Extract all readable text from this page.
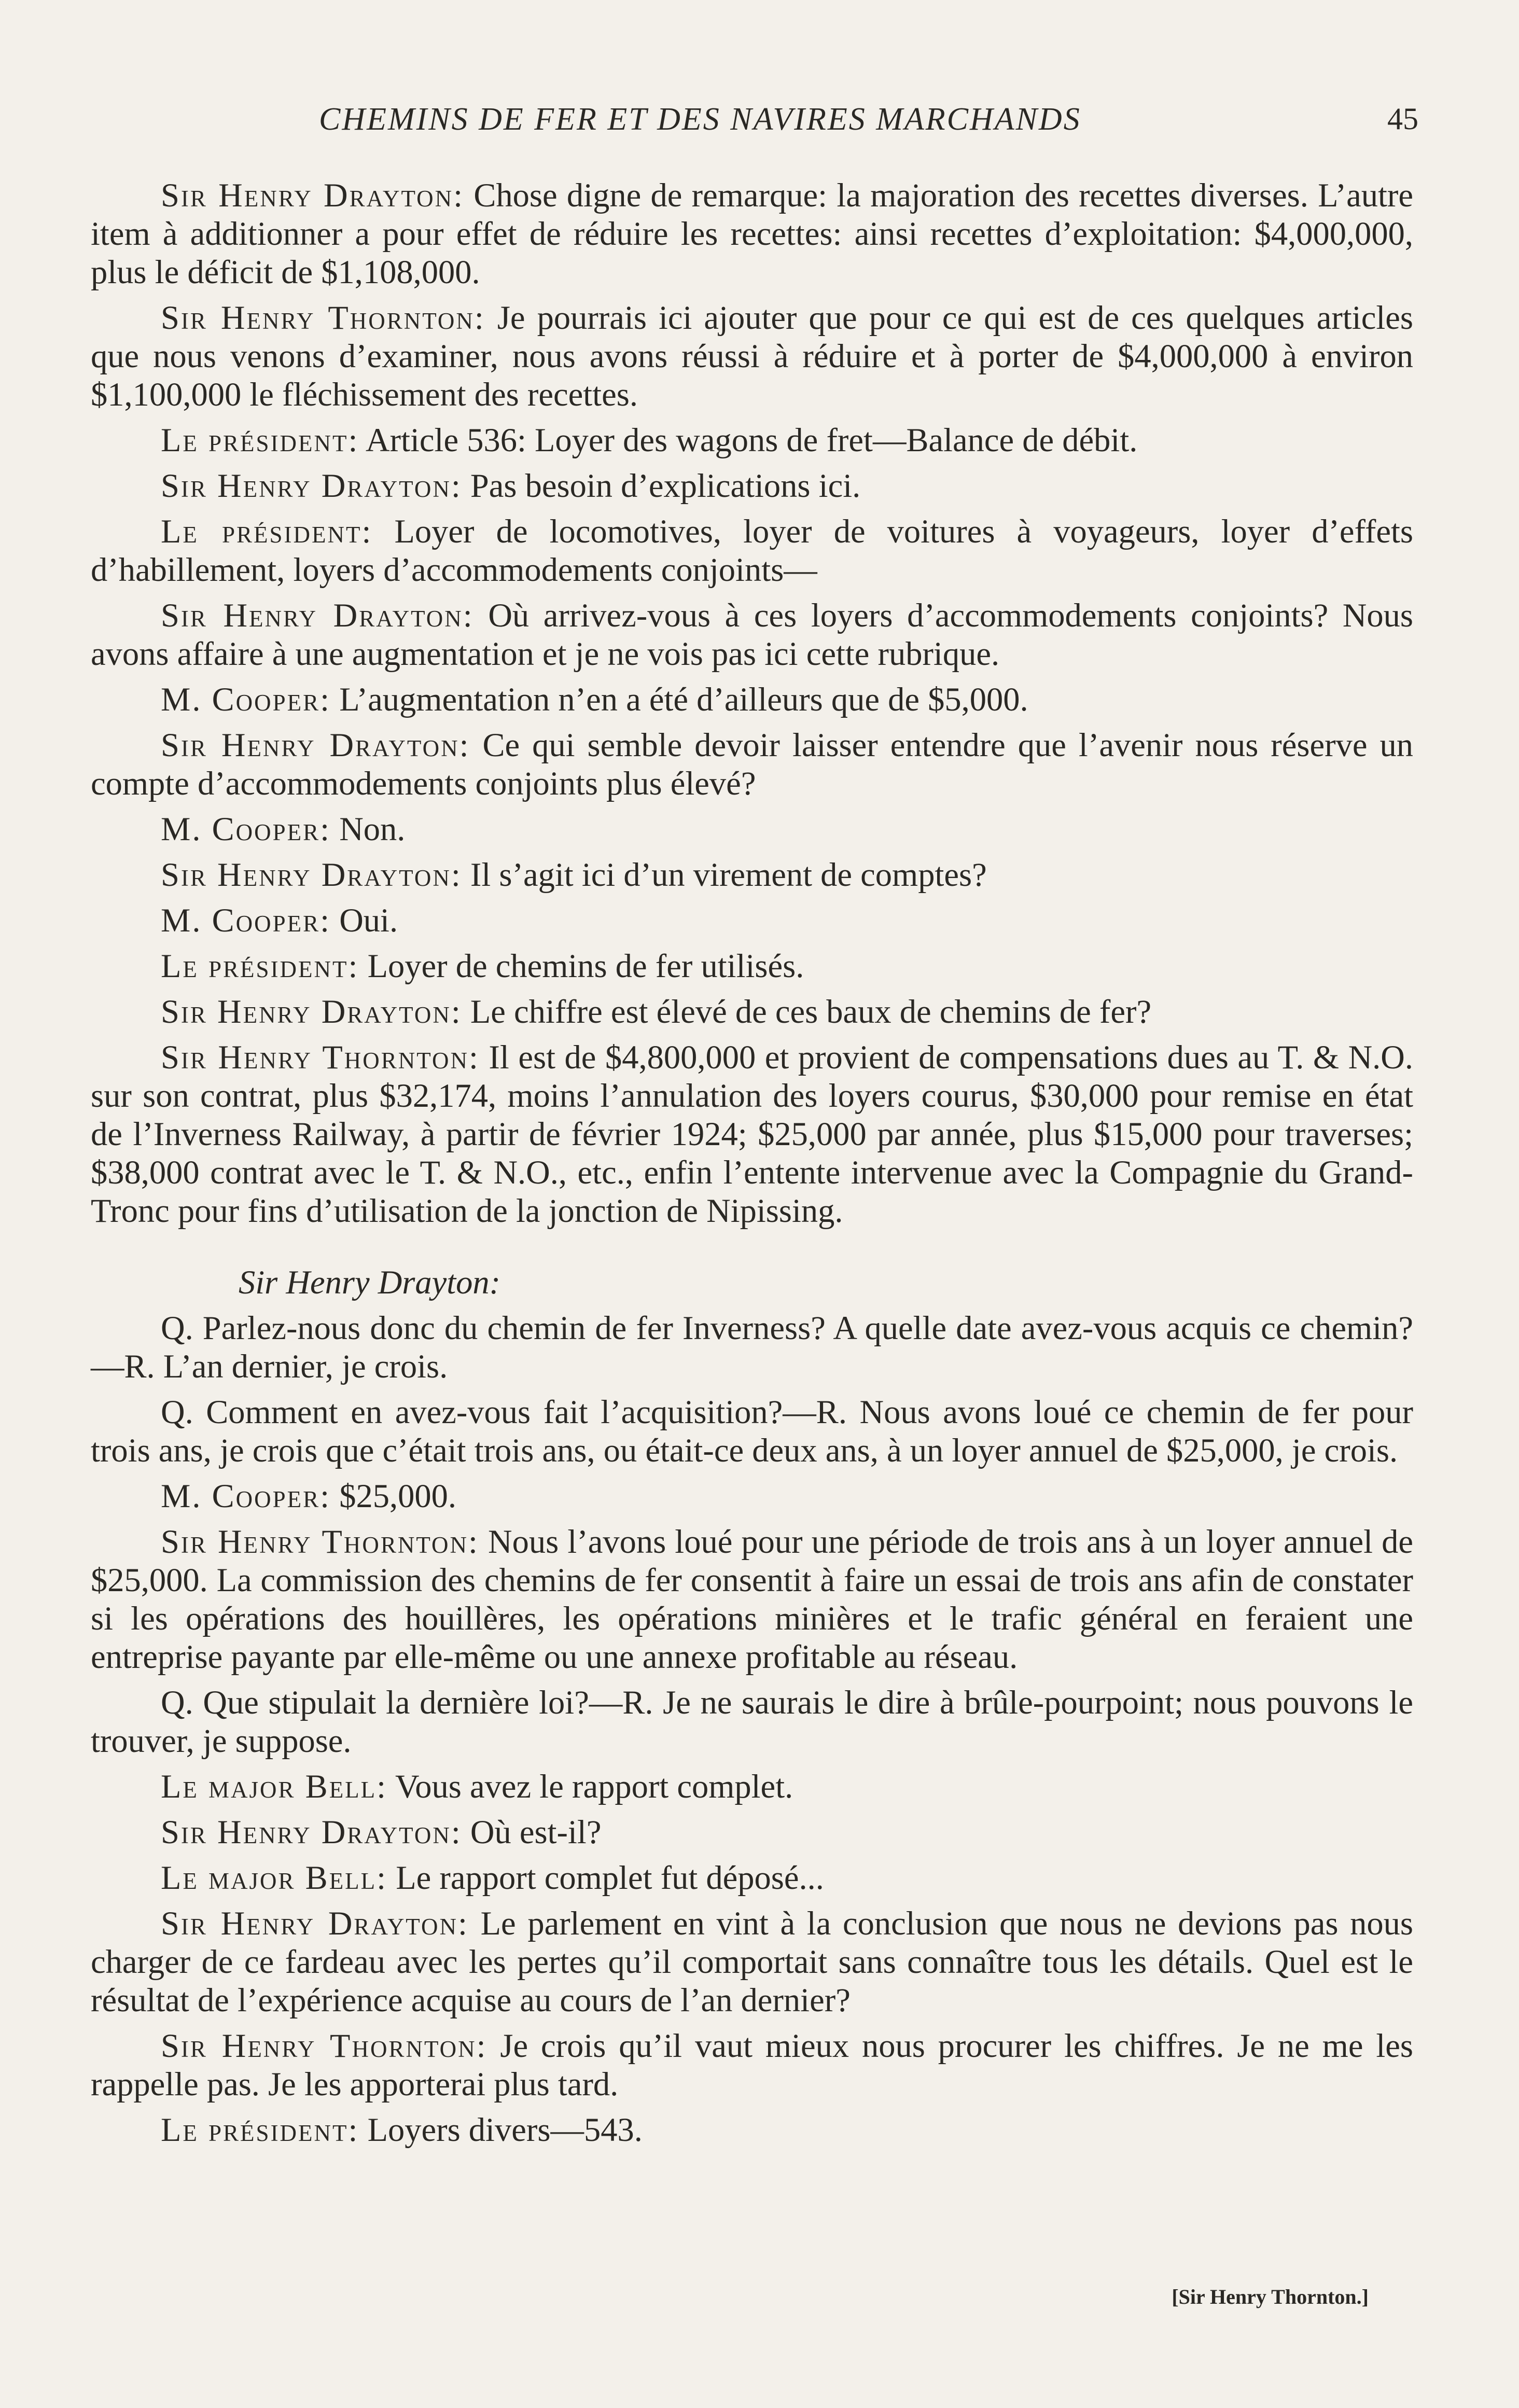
CHEMINS DE FER ET DES NAVIRES MARCHANDS	45

Sir Henry Drayton: Chose digne de remarque: la majoration des recettes diverses. L’autre item à additionner a pour effet de réduire les recettes: ainsi recettes d’exploitation: $4,000,000, plus le déficit de $1,108,000.

Sir Henry Thornton: Je pourrais ici ajouter que pour ce qui est de ces quelques articles que nous venons d’examiner, nous avons réussi à réduire et à porter de $4,000,000 à environ $1,100,000 le fléchissement des recettes.

Le président: Article 536: Loyer des wagons de fret—Balance de débit.

Sir Henry Drayton: Pas besoin d’explications ici.

Le président: Loyer de locomotives, loyer de voitures à voyageurs, loyer d’effets d’habillement, loyers d’accommodements conjoints—

Sir Henry Drayton: Où arrivez-vous à ces loyers d’accommodements conjoints? Nous avons affaire à une augmentation et je ne vois pas ici cette rubrique.

M. Cooper: L’augmentation n’en a été d’ailleurs que de $5,000.

Sir Henry Drayton: Ce qui semble devoir laisser entendre que l’avenir nous réserve un compte d’accommodements conjoints plus élevé?

M. Cooper: Non.

Sir Henry Drayton: Il s’agit ici d’un virement de comptes?

M. Cooper: Oui.

Le président: Loyer de chemins de fer utilisés.

Sir Henry Drayton: Le chiffre est élevé de ces baux de chemins de fer?

Sir Henry Thornton: Il est de $4,800,000 et provient de compensations dues au T. & N.O. sur son contrat, plus $32,174, moins l’annulation des loyers courus, $30,000 pour remise en état de l’Inverness Railway, à partir de février 1924; $25,000 par année, plus $15,000 pour traverses; $38,000 contrat avec le T. & N.O., etc., enfin l’entente intervenue avec la Compagnie du Grand-Tronc pour fins d’utilisation de la jonction de Nipissing.

Sir Henry Drayton:

Q. Parlez-nous donc du chemin de fer Inverness? A quelle date avez-vous acquis ce chemin?—R. L’an dernier, je crois.

Q. Comment en avez-vous fait l’acquisition?—R. Nous avons loué ce chemin de fer pour trois ans, je crois que c’était trois ans, ou était-ce deux ans, à un loyer annuel de $25,000, je crois.

M. Cooper: $25,000.

Sir Henry Thornton: Nous l’avons loué pour une période de trois ans à un loyer annuel de $25,000. La commission des chemins de fer consentit à faire un essai de trois ans afin de constater si les opérations des houillères, les opérations minières et le trafic général en feraient une entreprise payante par elle-même ou une annexe profitable au réseau.

Q. Que stipulait la dernière loi?—R. Je ne saurais le dire à brûle-pourpoint; nous pouvons le trouver, je suppose.

Le major Bell: Vous avez le rapport complet.

Sir Henry Drayton: Où est-il?

Le major Bell: Le rapport complet fut déposé...

Sir Henry Drayton: Le parlement en vint à la conclusion que nous ne devions pas nous charger de ce fardeau avec les pertes qu’il comportait sans connaître tous les détails. Quel est le résultat de l’expérience acquise au cours de l’an dernier?

Sir Henry Thornton: Je crois qu’il vaut mieux nous procurer les chiffres. Je ne me les rappelle pas. Je les apporterai plus tard.

Le président: Loyers divers—543.

[Sir Henry Thornton.]
